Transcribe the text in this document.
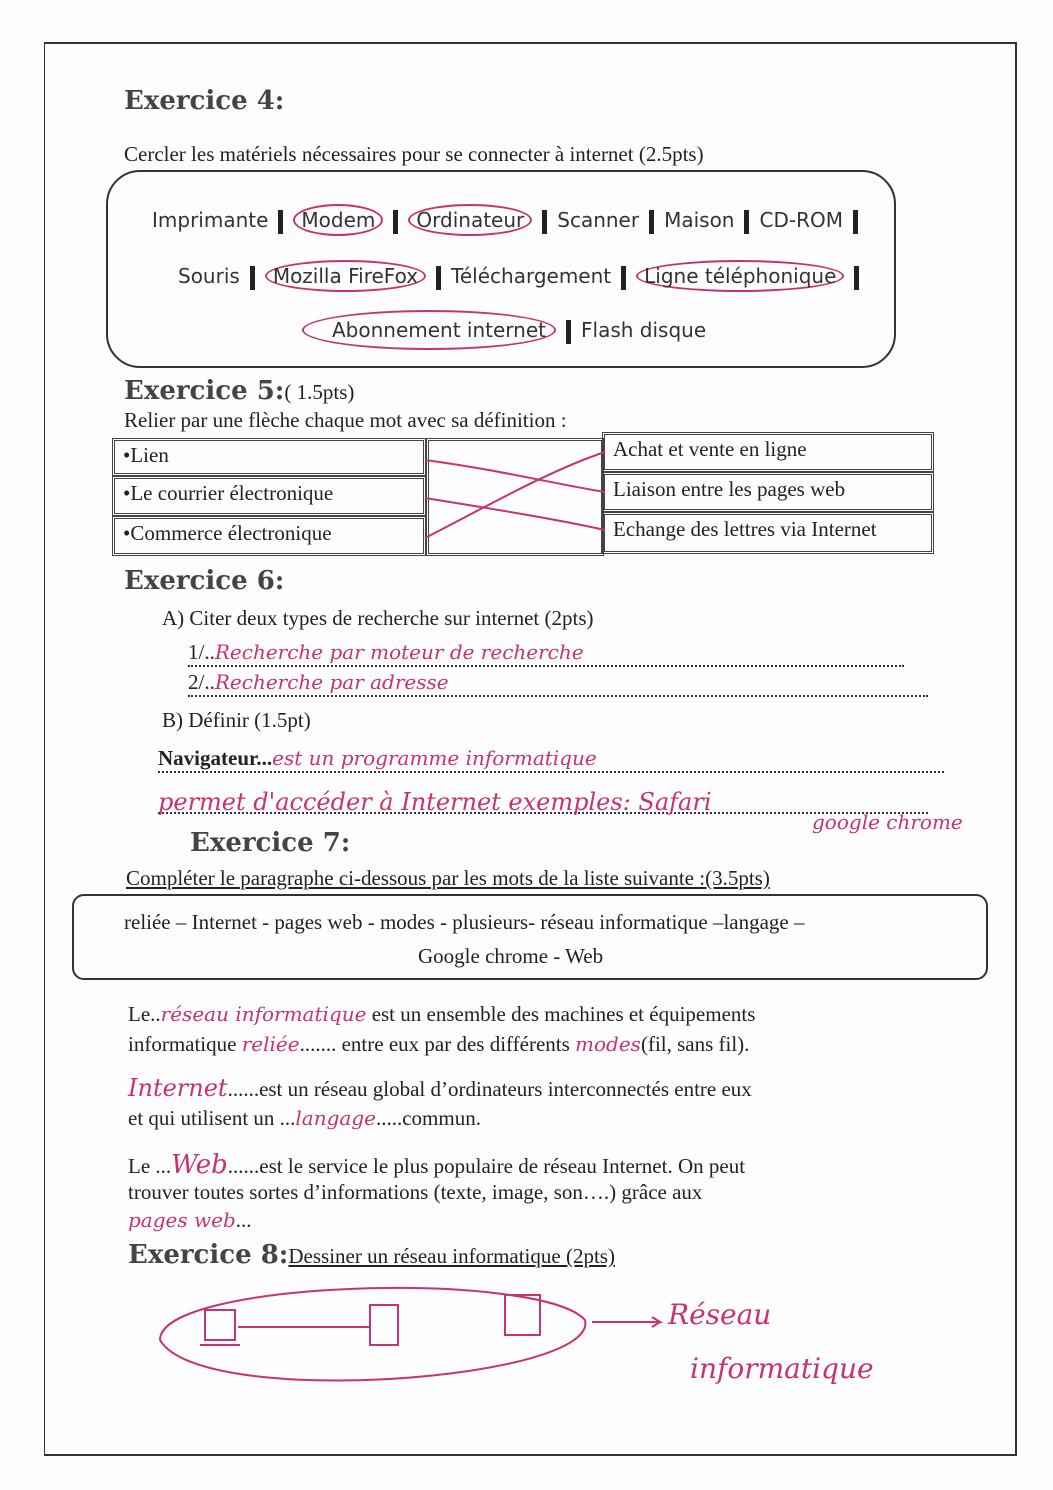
Exercice 4:
Cercler les matériels nécessaires pour se connecter à internet (2.5pts)
Imprimante Modem Ordinateur Scanner Maison CD-ROM
Souris Mozilla FireFox Téléchargement Ligne téléphonique
Abonnement internet Flash disque
Exercice 5:( 1.5pts)
Relier par une flèche chaque mot avec sa définition :
•Lien
•Le courrier électronique
•Commerce électronique
Achat et vente en ligne
Liaison entre les pages web
Echange des lettres via Internet
Exercice 6:
A) Citer deux types de recherche sur internet (2pts)
1/..Recherche par moteur de recherche
2/..Recherche par adresse
B) Définir (1.5pt)
Navigateur...est un programme informatique
permet d'accéder à Internet exemples: Safari
google chrome
Exercice 7:
Compléter le paragraphe ci-dessous par les mots de la liste suivante :(3.5pts)
reliée – Internet - pages web - modes - plusieurs- réseau informatique –langage –
Google chrome - Web
Le..réseau informatique est un ensemble des machines et équipements
informatique reliée....... entre eux par des différents modes(fil, sans fil).
Internet......est un réseau global d’ordinateurs interconnectés entre eux
et qui utilisent un ...langage.....commun.
Le ...Web......est le service le plus populaire de réseau Internet. On peut
trouver toutes sortes d’informations (texte, image, son….) grâce aux
pages web...
Exercice 8:Dessiner un réseau informatique (2pts)
Réseau
informatique
